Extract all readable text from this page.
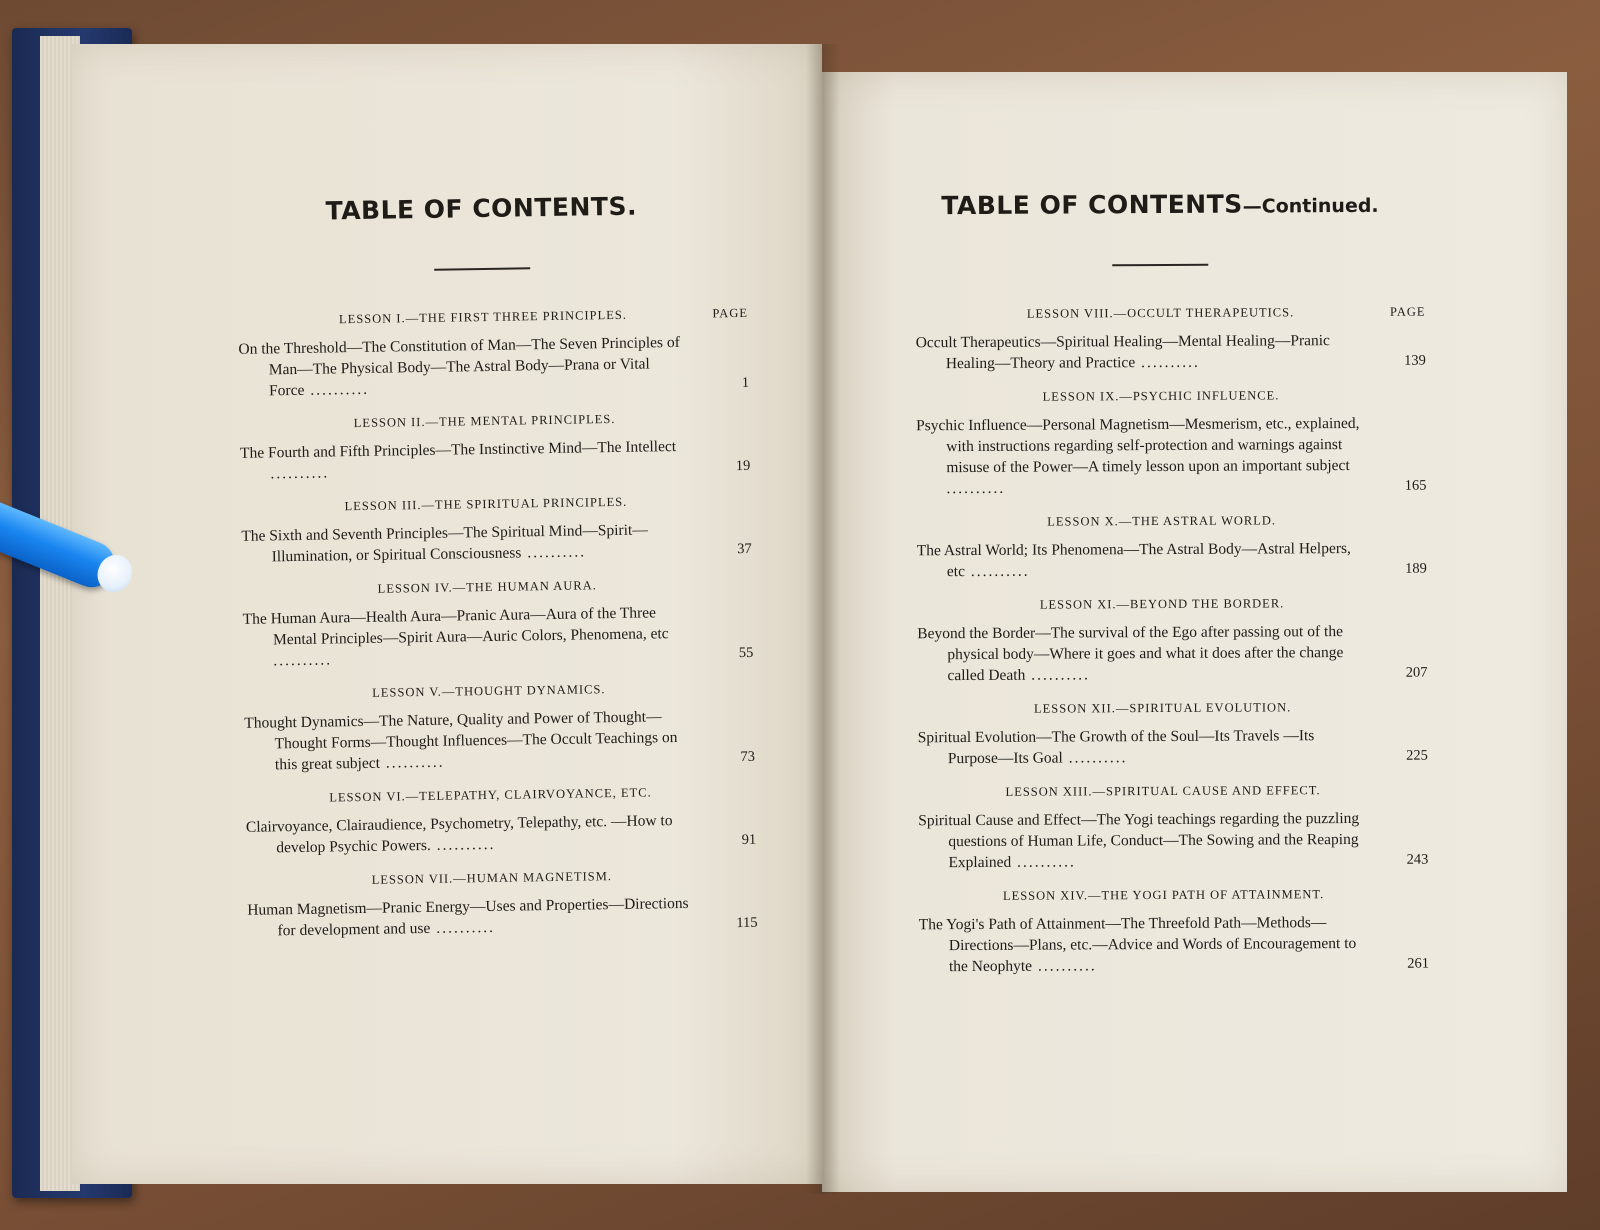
TABLE OF CONTENTS.
LESSON I.—THE FIRST THREE PRINCIPLES.	PAGE
On the Threshold—The Constitution of Man—The Seven Principles of Man—The Physical Body—The Astral Body—Prana or Vital Force ..........	1
LESSON II.—THE MENTAL PRINCIPLES.
The Fourth and Fifth Principles—The Instinctive Mind—The Intellect ..........	19
LESSON III.—THE SPIRITUAL PRINCIPLES.
The Sixth and Seventh Principles—The Spiritual Mind—Spirit—Illumination, or Spiritual Consciousness ..........	37
LESSON IV.—THE HUMAN AURA.
The Human Aura—Health Aura—Pranic Aura—Aura of the Three Mental Principles—Spirit Aura—Auric Colors, Phenomena, etc ..........	55
LESSON V.—THOUGHT DYNAMICS.
Thought Dynamics—The Nature, Quality and Power of Thought—Thought Forms—Thought Influences—The Occult Teachings on this great subject ..........	73
LESSON VI.—TELEPATHY, CLAIRVOYANCE, ETC.
Clairvoyance, Clairaudience, Psychometry, Telepathy, etc. —How to develop Psychic Powers. ..........	91
LESSON VII.—HUMAN MAGNETISM.
Human Magnetism—Pranic Energy—Uses and Properties—Directions for development and use ..........	115
TABLE OF CONTENTS—Continued.
LESSON VIII.—OCCULT THERAPEUTICS.	PAGE
Occult Therapeutics—Spiritual Healing—Mental Healing—Pranic Healing—Theory and Practice ..........	139
LESSON IX.—PSYCHIC INFLUENCE.
Psychic Influence—Personal Magnetism—Mesmerism, etc., explained, with instructions regarding self-protection and warnings against misuse of the Power—A timely lesson upon an important subject ..........	165
LESSON X.—THE ASTRAL WORLD.
The Astral World; Its Phenomena—The Astral Body—Astral Helpers, etc ..........	189
LESSON XI.—BEYOND THE BORDER.
Beyond the Border—The survival of the Ego after passing out of the physical body—Where it goes and what it does after the change called Death ..........	207
LESSON XII.—SPIRITUAL EVOLUTION.
Spiritual Evolution—The Growth of the Soul—Its Travels —Its Purpose—Its Goal ..........	225
LESSON XIII.—SPIRITUAL CAUSE AND EFFECT.
Spiritual Cause and Effect—The Yogi teachings regarding the puzzling questions of Human Life, Conduct—The Sowing and the Reaping Explained ..........	243
LESSON XIV.—THE YOGI PATH OF ATTAINMENT.
The Yogi's Path of Attainment—The Threefold Path—Methods—Directions—Plans, etc.—Advice and Words of Encouragement to the Neophyte ..........	261
